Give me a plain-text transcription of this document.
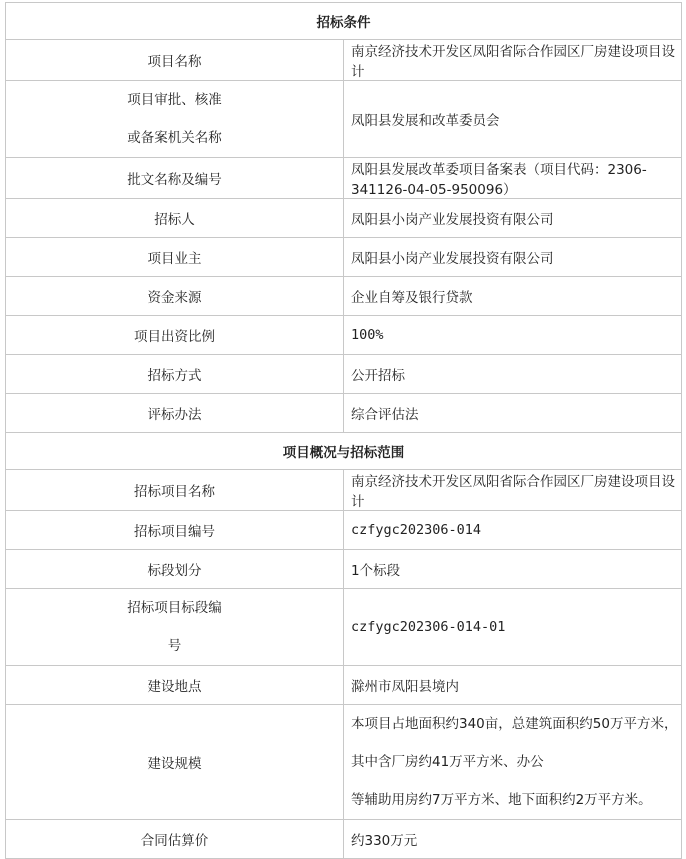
招标条件	
项目名称	南京经济技术开发区凤阳省际合作园区厂房建设项目设计

项目审批、核准
或备案机关名称	凤阳县发展和改革委员会
批文名称及编号	凤阳县发展改革委项目备案表（项目代码：2306-341126-04-05-950096）
招标人	凤阳县小岗产业发展投资有限公司
项目业主	凤阳县小岗产业发展投资有限公司
资金来源	企业自筹及银行贷款
项目出资比例	100%
招标方式	公开招标
评标办法	综合评估法
项目概况与招标范围	
招标项目名称	南京经济技术开发区凤阳省际合作园区厂房建设项目设计
招标项目编号	czfygc202306-014
标段划分	1个标段

招标项目标段编
号	czfygc202306-014-01
建设地点	滁州市凤阳县境内
建设规模	本项目占地面积约340亩，总建筑面积约50万平方米，其中含厂房约41万平方米、办公
等辅助用房约7万平方米、地下面积约2万平方米。

合同估算价	约330万元
